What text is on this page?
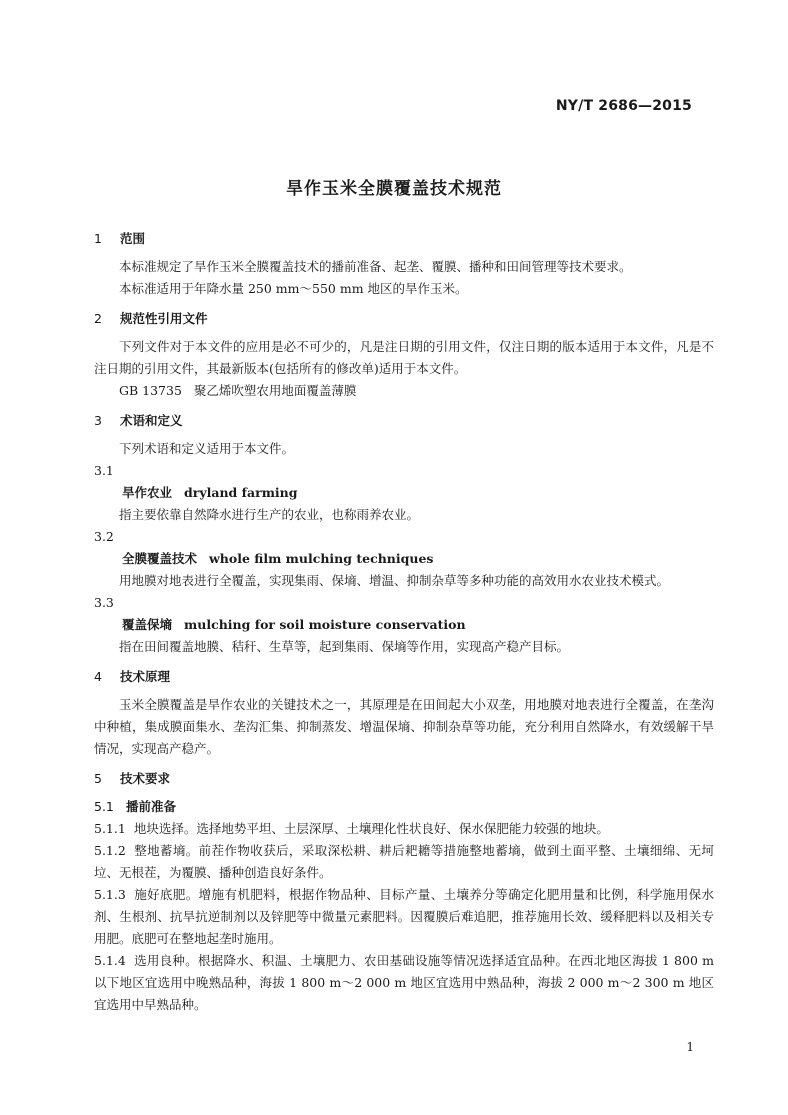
NY/T 2686—2015
旱作玉米全膜覆盖技术规范

1 范围

本标准规定了旱作玉米全膜覆盖技术的播前准备、起垄、覆膜、播种和田间管理等技术要求。

本标准适用于年降水量 250 mm～550 mm 地区的旱作玉米。

2 规范性引用文件

下列文件对于本文件的应用是必不可少的，凡是注日期的引用文件，仅注日期的版本适用于本文件，凡是不注日期的引用文件，其最新版本(包括所有的修改单)适用于本文件。

GB 13735 聚乙烯吹塑农用地面覆盖薄膜

3 术语和定义

下列术语和定义适用于本文件。

3.1

旱作农业 dryland farming

指主要依靠自然降水进行生产的农业，也称雨养农业。

3.2

全膜覆盖技术 whole film mulching techniques

用地膜对地表进行全覆盖，实现集雨、保墒、增温、抑制杂草等多种功能的高效用水农业技术模式。

3.3

覆盖保墒 mulching for soil moisture conservation

指在田间覆盖地膜、秸秆、生草等，起到集雨、保墒等作用，实现高产稳产目标。

4 技术原理

玉米全膜覆盖是旱作农业的关键技术之一，其原理是在田间起大小双垄，用地膜对地表进行全覆盖，在垄沟中种植，集成膜面集水、垄沟汇集、抑制蒸发、增温保墒、抑制杂草等功能，充分利用自然降水，有效缓解干旱情况，实现高产稳产。

5 技术要求

5.1 播前准备

5.1.1 地块选择。选择地势平坦、土层深厚、土壤理化性状良好、保水保肥能力较强的地块。

5.1.2 整地蓄墒。前茬作物收获后，采取深松耕、耕后耙耱等措施整地蓄墒，做到土面平整、土壤细绵、无坷垃、无根茬，为覆膜、播种创造良好条件。

5.1.3 施好底肥。增施有机肥料，根据作物品种、目标产量、土壤养分等确定化肥用量和比例，科学施用保水剂、生根剂、抗旱抗逆制剂以及锌肥等中微量元素肥料。因覆膜后难追肥，推荐施用长效、缓释肥料以及相关专用肥。底肥可在整地起垄时施用。

5.1.4 选用良种。根据降水、积温、土壤肥力、农田基础设施等情况选择适宜品种。在西北地区海拔 1 800 m以下地区宜选用中晚熟品种，海拔 1 800 m～2 000 m 地区宜选用中熟品种，海拔 2 000 m～2 300 m 地区宜选用中早熟品种。

1
